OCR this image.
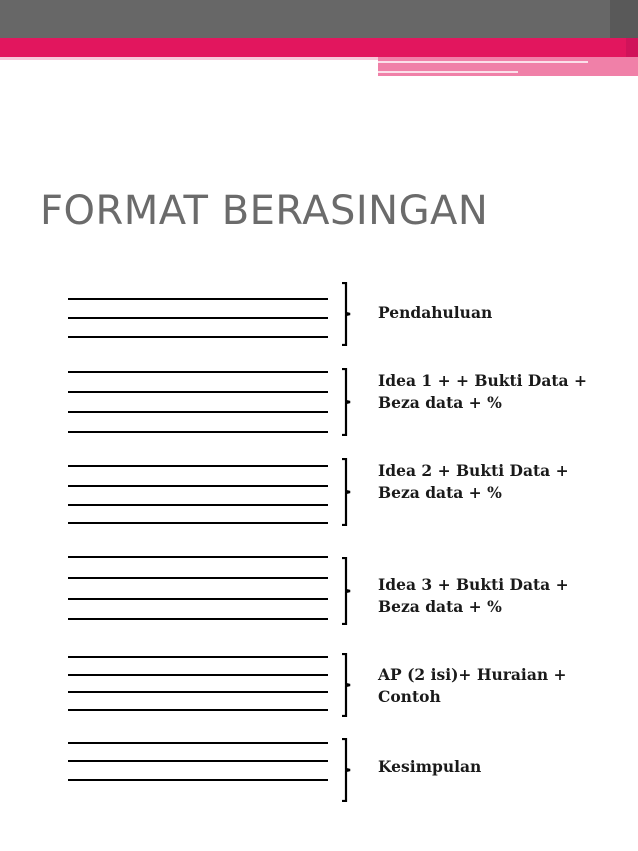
FORMAT BERASINGAN
Pendahuluan
Idea 1 + + Bukti Data +
Beza data + %
Idea 2 + Bukti Data +
Beza data + %
Idea 3 + Bukti Data +
Beza data + %
AP (2 isi)+ Huraian +
Contoh
Kesimpulan
